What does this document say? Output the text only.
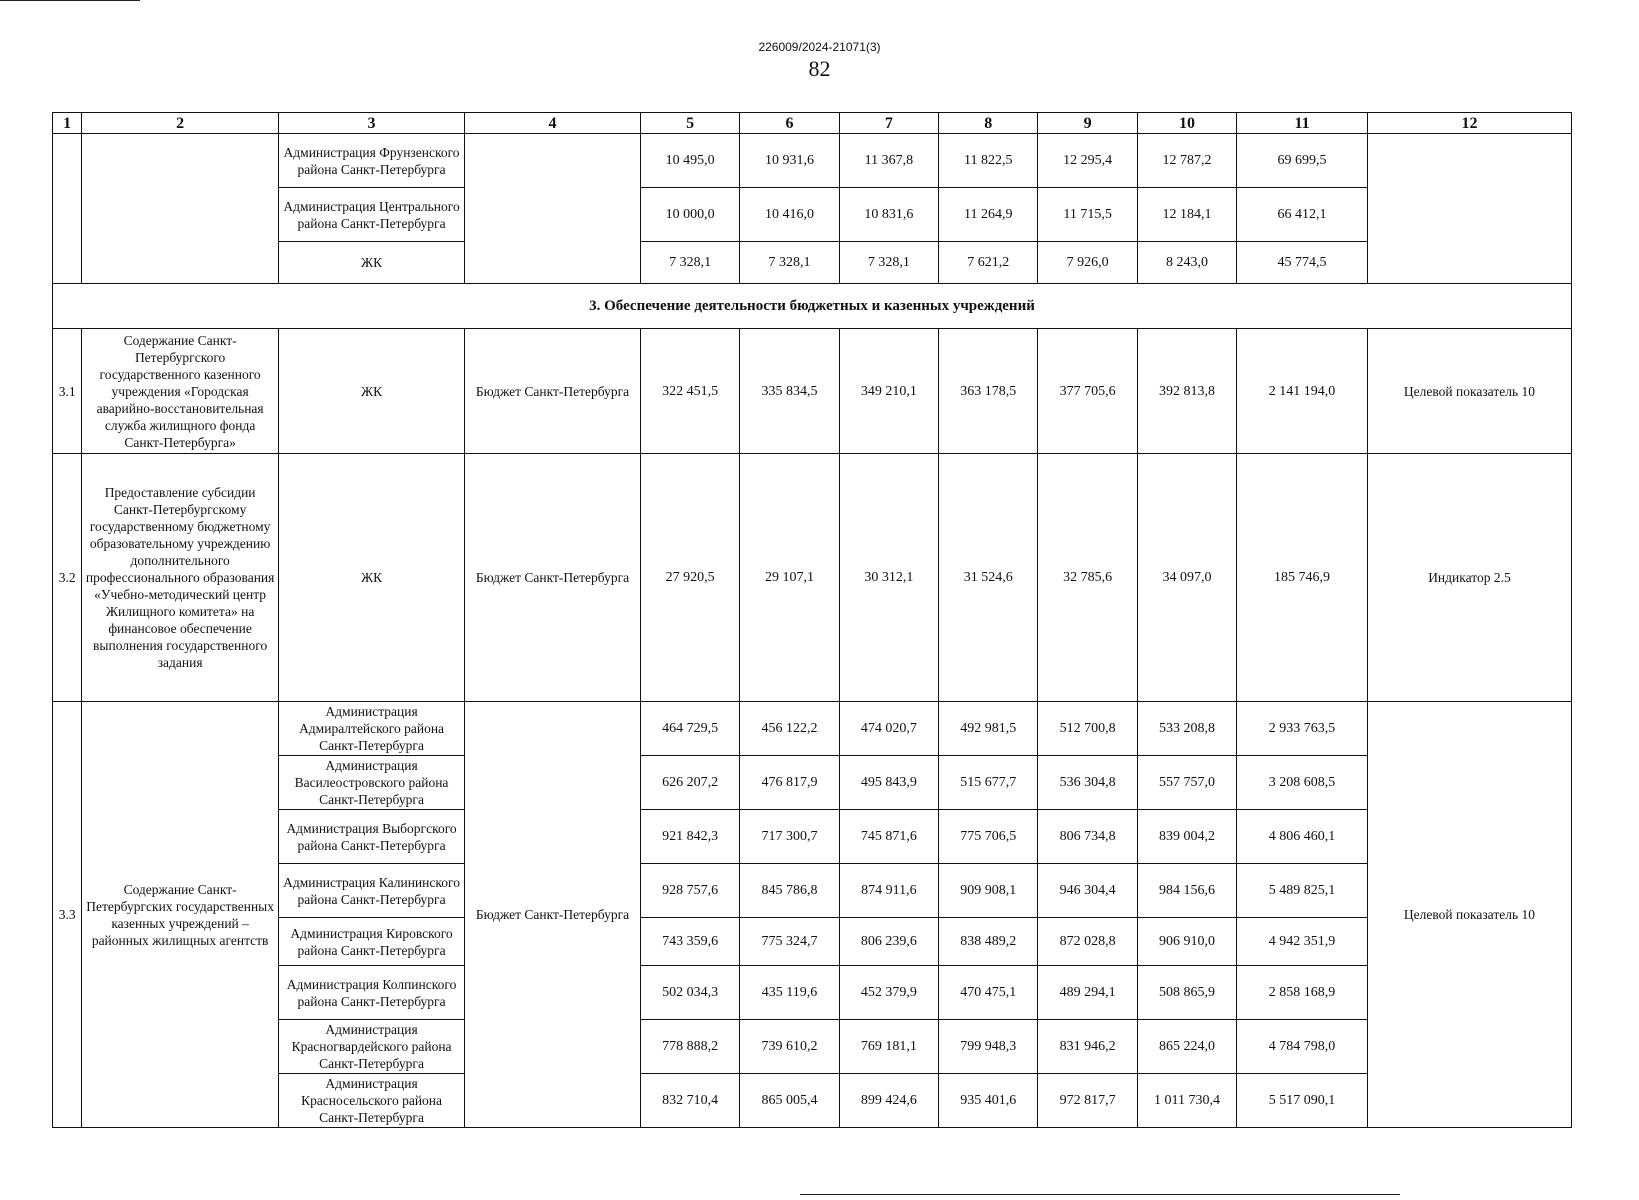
226009/2024-21071(3)
82
1	2	3	4	5	6	7	8	9	10	11	12
		Администрация Фрунзенского района Санкт-Петербурга		10 495,0	10 931,6	11 367,8	11 822,5	12 295,4	12 787,2	69 699,5	
		Администрация Центрального района Санкт-Петербурга		10 000,0	10 416,0	10 831,6	11 264,9	11 715,5	12 184,1	66 412,1	
		ЖК		7 328,1	7 328,1	7 328,1	7 621,2	7 926,0	8 243,0	45 774,5	
3. Обеспечение деятельности бюджетных и казенных учреждений											
3.1	Содержание Санкт-Петербургского государственного казенного учреждения «Городская аварийно-восстановительная служба жилищного фонда Санкт-Петербурга»	ЖК	Бюджет Санкт-Петербурга	322 451,5	335 834,5	349 210,1	363 178,5	377 705,6	392 813,8	2 141 194,0	Целевой показатель 10
3.2	Предоставление субсидии Санкт-Петербургскому государственному бюджетному образовательному учреждению дополнительного профессионального образования «Учебно-методический центр Жилищного комитета» на финансовое обеспечение выполнения государственного задания	ЖК	Бюджет Санкт-Петербурга	27 920,5	29 107,1	30 312,1	31 524,6	32 785,6	34 097,0	185 746,9	Индикатор 2.5
3.3	Содержание Санкт-Петербургских государственных казенных учреждений – районных жилищных агентств	Администрация Адмиралтейского района Санкт-Петербурга	Бюджет Санкт-Петербурга	464 729,5	456 122,2	474 020,7	492 981,5	512 700,8	533 208,8	2 933 763,5	Целевой показатель 10
		Администрация Василеостровского района Санкт-Петербурга		626 207,2	476 817,9	495 843,9	515 677,7	536 304,8	557 757,0	3 208 608,5	
		Администрация Выборгского района Санкт-Петербурга		921 842,3	717 300,7	745 871,6	775 706,5	806 734,8	839 004,2	4 806 460,1	
		Администрация Калининского района Санкт-Петербурга		928 757,6	845 786,8	874 911,6	909 908,1	946 304,4	984 156,6	5 489 825,1	
		Администрация Кировского района Санкт-Петербурга		743 359,6	775 324,7	806 239,6	838 489,2	872 028,8	906 910,0	4 942 351,9	
		Администрация Колпинского района Санкт-Петербурга		502 034,3	435 119,6	452 379,9	470 475,1	489 294,1	508 865,9	2 858 168,9	
		Администрация Красногвардейского района Санкт-Петербурга		778 888,2	739 610,2	769 181,1	799 948,3	831 946,2	865 224,0	4 784 798,0	
		Администрация Красносельского района Санкт-Петербурга		832 710,4	865 005,4	899 424,6	935 401,6	972 817,7	1 011 730,4	5 517 090,1	
